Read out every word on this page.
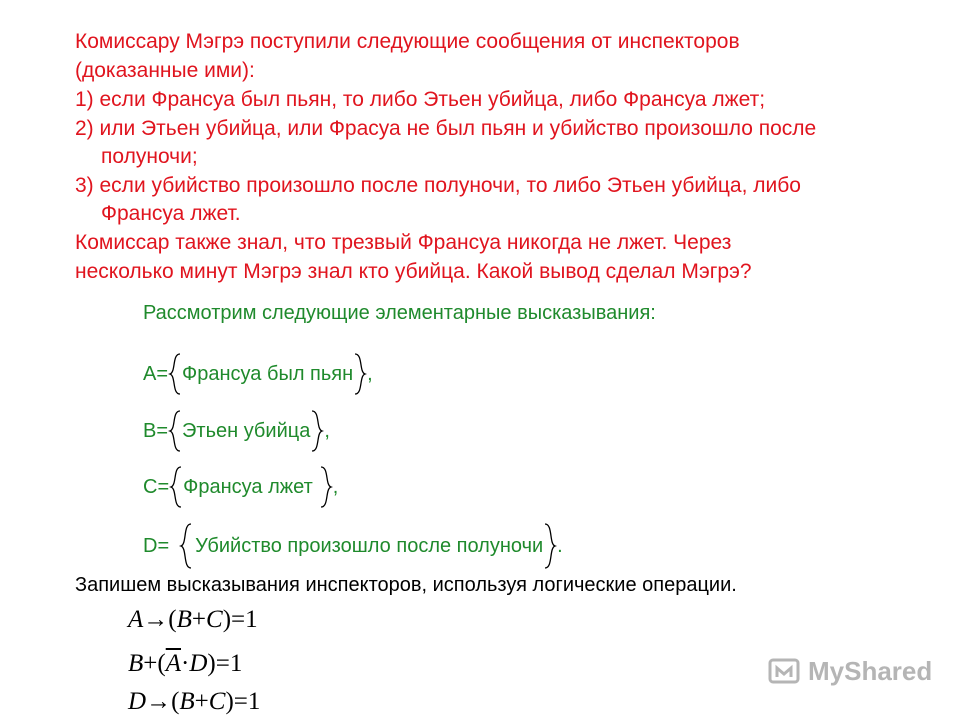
Комиссару Мэгрэ поступили следующие сообщения от инспекторов
(доказанные ими):
1) если Франсуа был пьян, то либо Этьен убийца, либо Франсуа лжет;
2) или Этьен убийца, или Фрасуа не был пьян и убийство произошло после
полуночи;
3) если убийство произошло после полуночи, то либо Этьен убийца, либо
Франсуа лжет.
Комиссар также знал, что трезвый Франсуа никогда не лжет. Через
несколько минут Мэгрэ знал кто убийца. Какой вывод сделал Мэгрэ?
Рассмотрим следующие элементарные высказывания:
A= Франсуа был пьян ,
B= Этьен убийца ,
C= Франсуа лжет ,
D= Убийство произошло после полуночи .
Запишем высказывания инспекторов, используя логические операции.
A→(B+C)=1
$B+(\overline{A}\cdot D)=1$
D→(B+C)=1
MyShared
